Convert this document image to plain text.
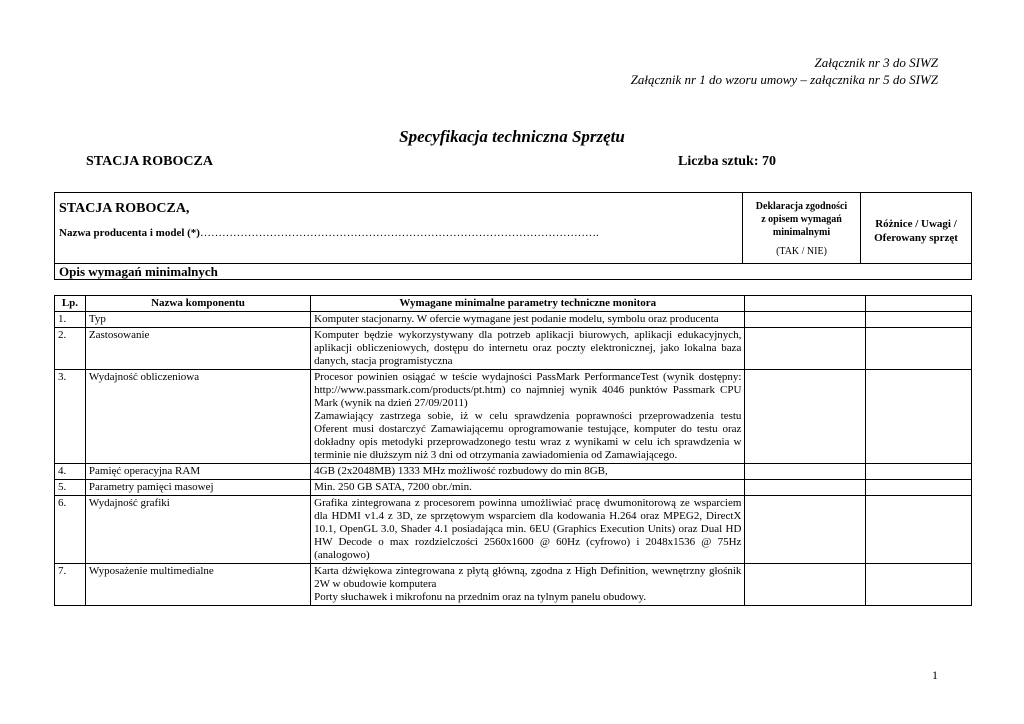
Załącznik nr 3 do SIWZ
Załącznik nr 1 do wzoru umowy – załącznika nr 5 do SIWZ
Specyfikacja techniczna Sprzętu
STACJA ROBOCZA	Liczba sztuk: 70
STACJA ROBOCZA,
Nazwa producenta i model (*)……………………………………………………………………………………………….
Deklaracja zgodności
z opisem wymagań
minimalnymi
(TAK / NIE)
Różnice / Uwagi /
Oferowany sprzęt
Opis wymagań minimalnych
Lp.	Nazwa komponentu	Wymagane minimalne parametry techniczne monitora		
1.	Typ	Komputer stacjonarny. W ofercie wymagane jest podanie modelu, symbolu oraz producenta		

2.	Zastosowanie	Komputer będzie wykorzystywany dla potrzeb aplikacji biurowych, aplikacji edukacyjnych, aplikacji obliczeniowych, dostępu do internetu oraz poczty elektronicznej, jako lokalna baza danych, stacja programistyczna		

3.	Wydajność obliczeniowa	Procesor powinien osiągać w teście wydajności PassMark PerformanceTest (wynik dostępny: http://www.passmark.com/products/pt.htm) co najmniej wynik 4046 punktów Passmark CPU Mark (wynik na dzień 27/09/2011)
Zamawiający zastrzega sobie, iż w celu sprawdzenia poprawności przeprowadzenia testu Oferent musi dostarczyć Zamawiającemu oprogramowanie testujące, komputer do testu oraz dokładny opis metodyki przeprowadzonego testu wraz z wynikami w celu ich sprawdzenia w terminie nie dłuższym niż 3 dni od otrzymania zawiadomienia od Zamawiającego.		

4.	Pamięć operacyjna RAM	4GB (2x2048MB) 1333 MHz możliwość rozbudowy do min 8GB,		

5.	Parametry pamięci masowej	Min. 250 GB SATA, 7200 obr./min.		

6.	Wydajność grafiki	Grafika zintegrowana z procesorem powinna umożliwiać pracę dwumonitorową ze wsparciem dla HDMI v1.4 z 3D, ze sprzętowym wsparciem dla kodowania H.264 oraz MPEG2, DirectX 10.1, OpenGL 3.0, Shader 4.1 posiadająca min. 6EU (Graphics Execution Units) oraz Dual HD HW Decode o max rozdzielczości 2560x1600 @ 60Hz (cyfrowo) i 2048x1536 @ 75Hz (analogowo)		

7.	Wyposażenie multimedialne	Karta dźwiękowa zintegrowana z płytą główną, zgodna z High Definition, wewnętrzny głośnik 2W w obudowie komputera
Porty słuchawek i mikrofonu na przednim oraz na tylnym panelu obudowy.		

1
